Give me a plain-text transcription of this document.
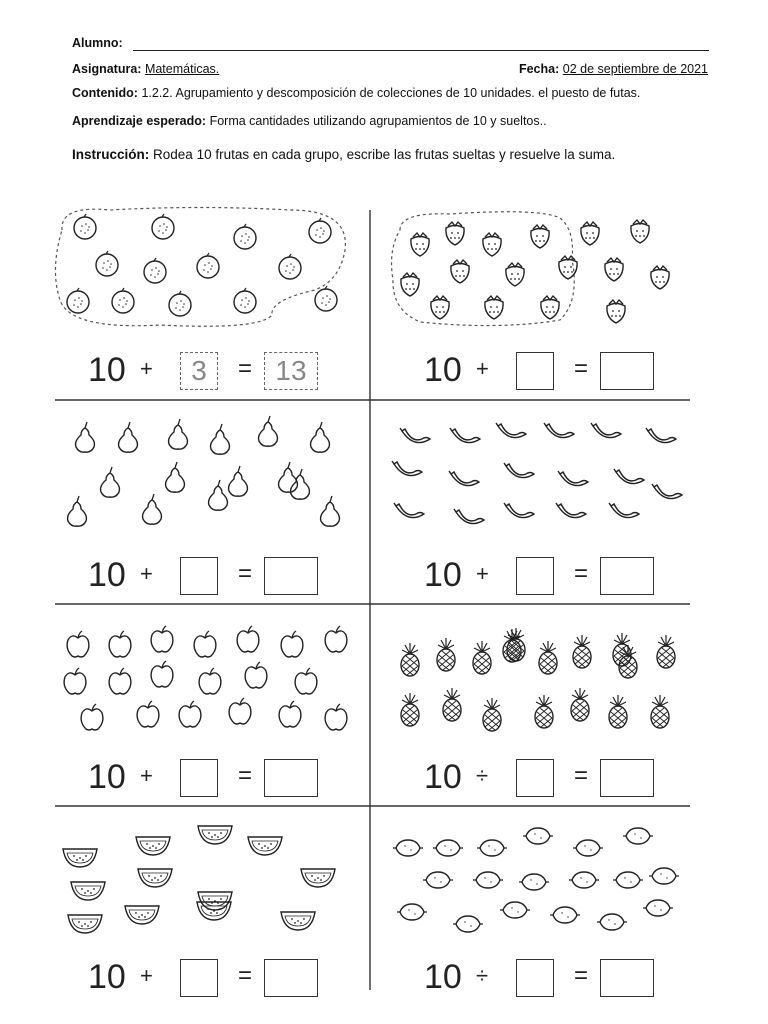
Alumno:
Asignatura: Matemáticas.	Fecha: 02 de septiembre de 2021
Contenido: 1.2.2. Agrupamiento y descomposición de colecciones de 10 unidades. el puesto de futas.
Aprendizaje esperado: Forma cantidades utilizando agrupamientos de 10 y sueltos..
Instrucción: Rodea 10 frutas en cada grupo, escribe las frutas sueltas y resuelve la suma.
10 +	3	= 13	10 +	=
10 +	=	10 +	=
10 +	=	10 ÷	=
10 +	=	10 ÷	=
